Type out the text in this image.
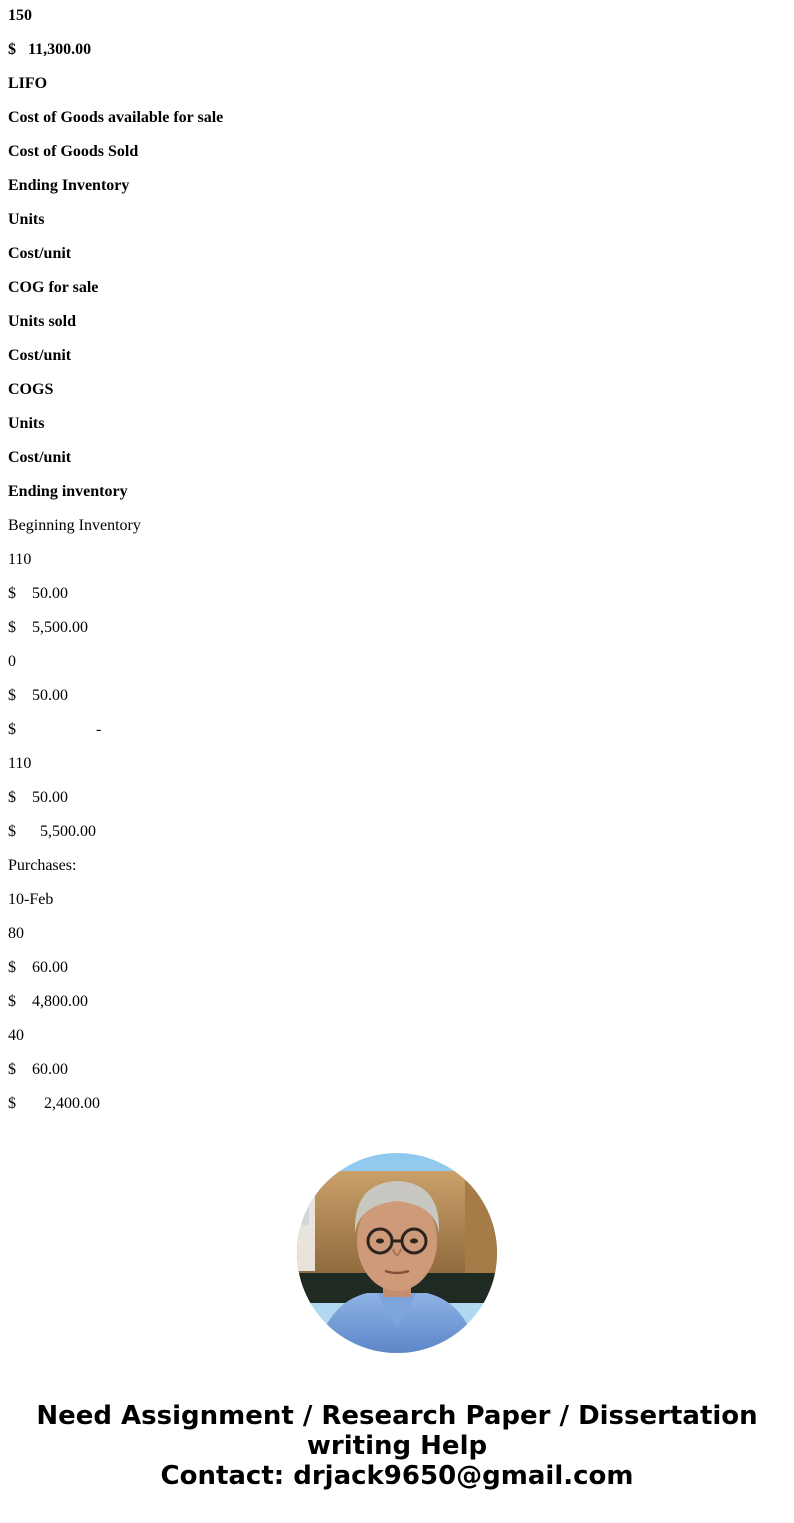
150
$   11,300.00
LIFO
Cost of Goods available for sale
Cost of Goods Sold
Ending Inventory
Units
Cost/unit
COG for sale
Units sold
Cost/unit
COGS
Units
Cost/unit
Ending inventory
Beginning Inventory
110
$    50.00
$    5,500.00
0
$    50.00
$                    -
110
$    50.00
$      5,500.00
Purchases:
10-Feb
80
$    60.00
$    4,800.00
40
$    60.00
$       2,400.00
Need Assignment / Research Paper / Dissertation
writing Help
Contact: drjack9650@gmail.com
